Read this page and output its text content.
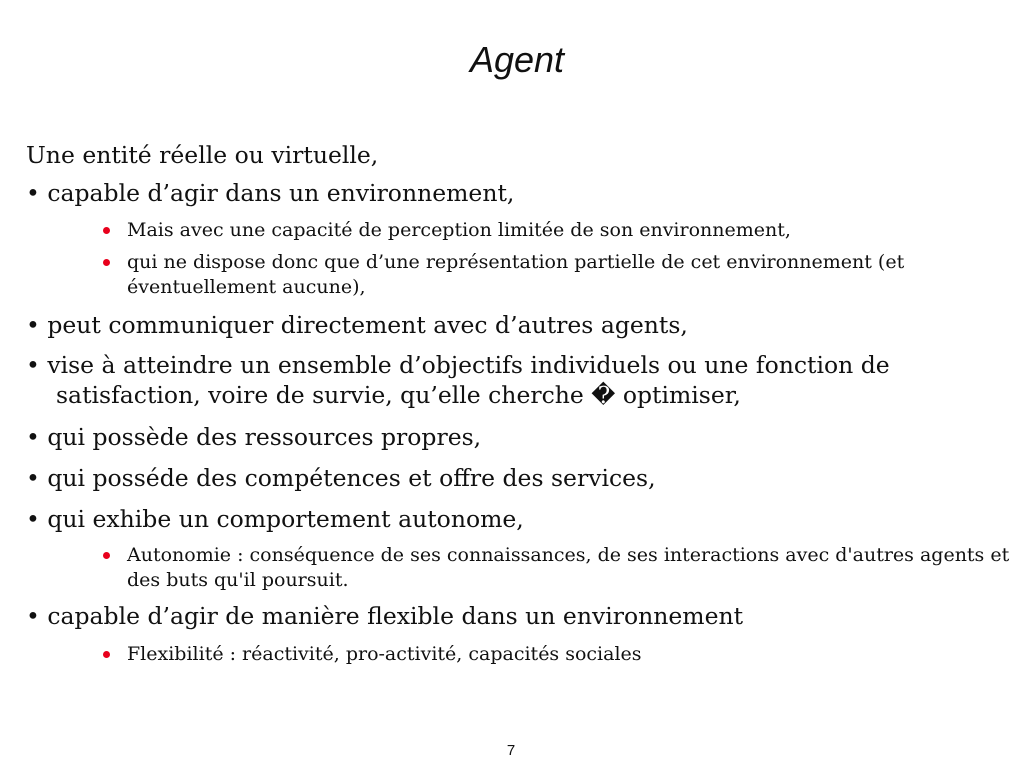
Agent
Une entité réelle ou virtuelle,
• capable d’agir dans un environnement,
Mais avec une capacité de perception limitée de son environnement,
qui ne dispose donc que d’une représentation partielle de cet environnement (et éventuellement aucune),
• peut communiquer directement avec d’autres agents,
• vise à atteindre un ensemble d’objectifs individuels ou une fonction de satisfaction, voire de survie, qu’elle cherche � optimiser,
• qui possède des ressources propres,
• qui posséde des compétences et offre des services,
• qui exhibe un comportement autonome,
Autonomie : conséquence de ses connaissances, de ses interactions avec d'autres agents et des buts qu'il poursuit.
• capable d’agir de manière flexible dans un environnement
Flexibilité : réactivité, pro-activité, capacités sociales
7
